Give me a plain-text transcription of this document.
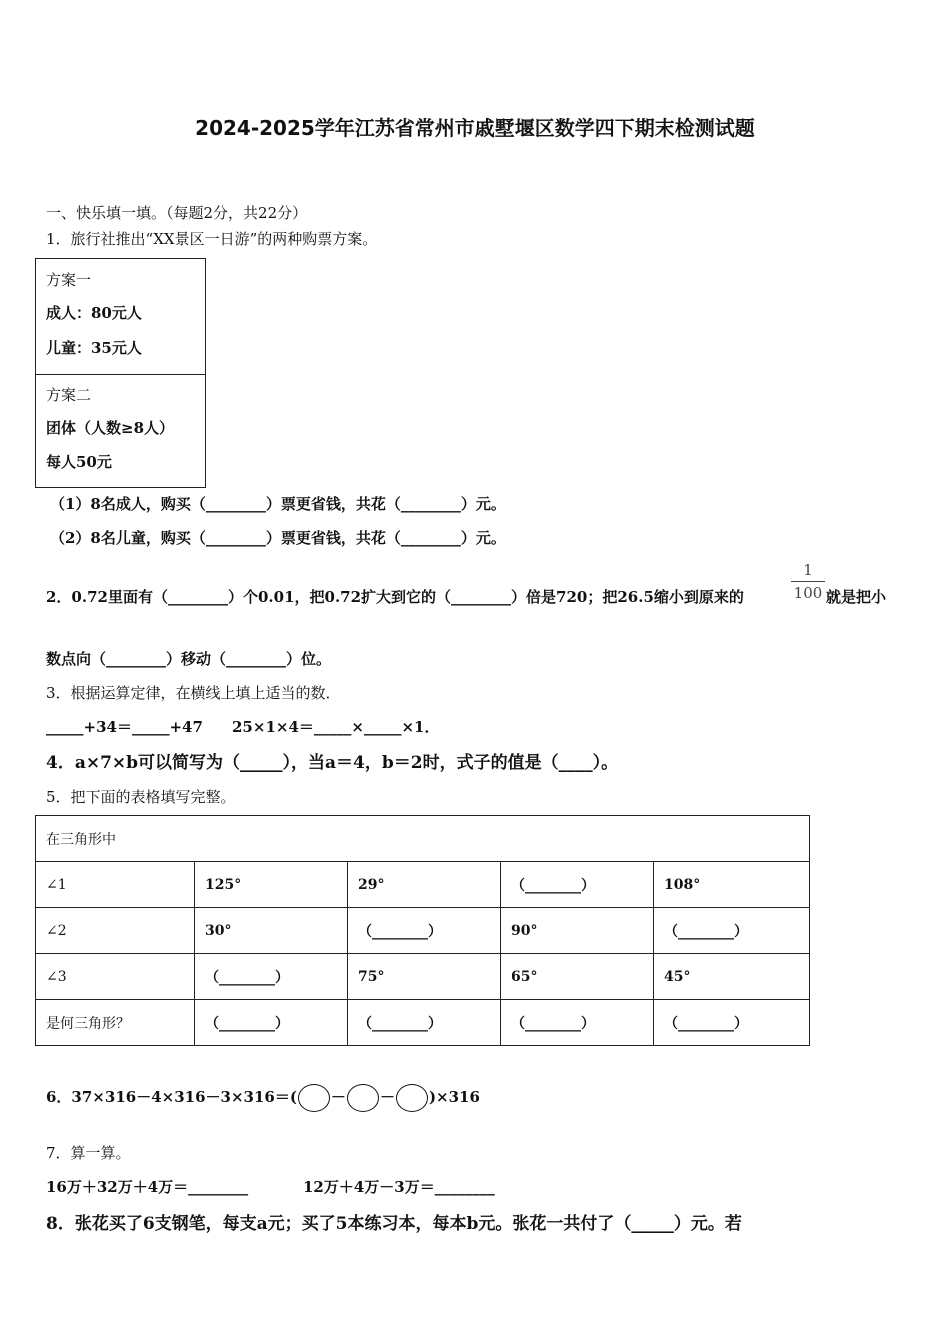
2024-2025学年江苏省常州市戚墅堰区数学四下期末检测试题
一、快乐填一填。（每题2分，共22分）
1．旅行社推出“XX景区一日游”的两种购票方案。
方案一
成人：80元人
儿童：35元人
方案二
团体（人数≥8人）
每人50元
（1）8名成人，购买（________）票更省钱，共花（________）元。
（2）8名儿童，购买（________）票更省钱，共花（________）元。
2．0.72里面有（________）个0.01，把0.72扩大到它的（________）倍是720；把26.5缩小到原来的
1
100 就是把小
数点向（________）移动（________）位。
3．根据运算定律，在横线上填上适当的数．
_____+34＝_____+47 25×1×4＝_____×_____×1．
4．a×7×b可以简写为（_____），当a＝4，b＝2时，式子的值是（____）。
5．把下面的表格填写完整。
在三角形中				
∠1	125°	29°	（________）	108°
∠2	30°	（________）	90°	（________）
∠3	（________）	75°	65°	45°
是何三角形？	（________）	（________）	（________）	（________）
6．37×316－4×316－3×316＝( － － )×316
7．算一算。
16万＋32万＋4万＝________	12万＋4万－3万＝________
8．张花买了6支钢笔，每支a元；买了5本练习本，每本b元。张花一共付了（_____）元。若
